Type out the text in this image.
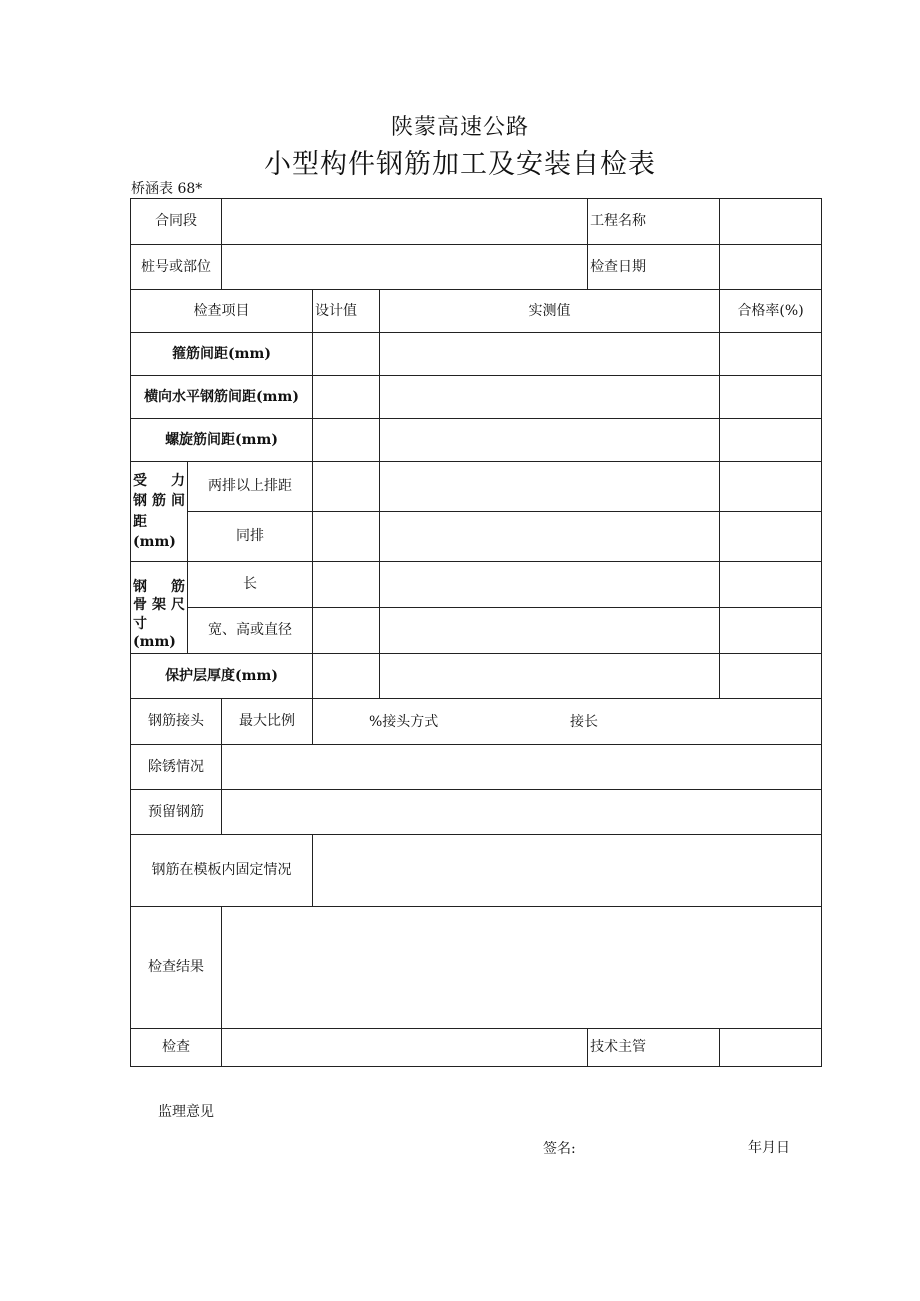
陕蒙高速公路
小型构件钢筋加工及安装自检表
桥涵表 68*
合同段					工程名称	
桩号或部位					检查日期	
检查项目			设计值	实测值		合格率(%)
箍筋间距(mm)						
横向水平钢筋间距(mm)						
螺旋筋间距(mm)						

受　力
钢筋间
距(mm)	两排以上排距					
	同排					

钢　筋
骨架尺
寸(mm)	长					
	宽、高或直径					
保护层厚度(mm)						
钢筋接头		最大比例	%接头方式 接长			

除锈情况						
预留钢筋						
钢筋在模板内固定情况						
检查结果						
检查					技术主管	
监理意见
签名:	年月日
